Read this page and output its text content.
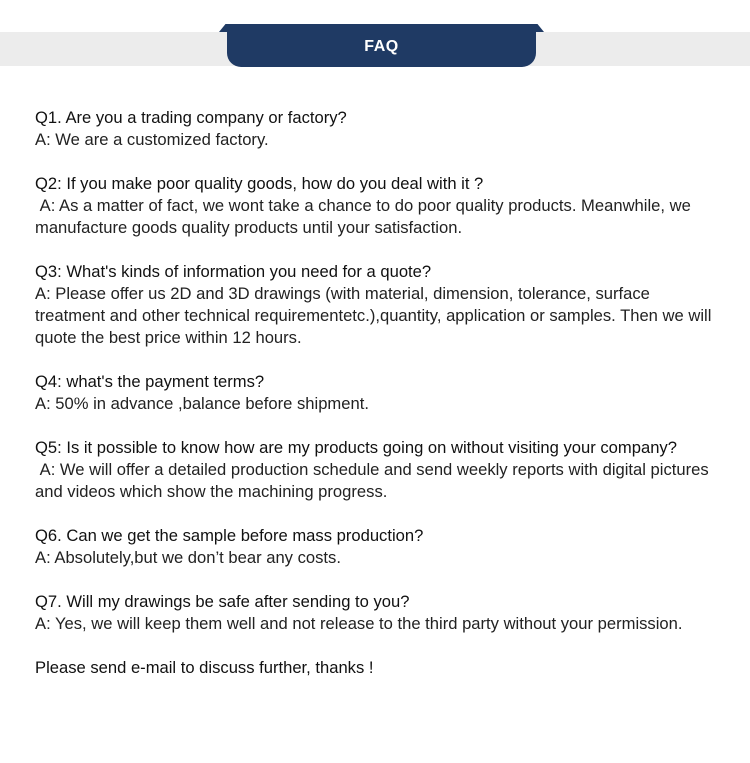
FAQ
Q1. Are you a trading company or factory?
A: We are a customized factory.
Q2: If you make poor quality goods, how do you deal with it ?
A: As a matter of fact, we wont take a chance to do poor quality products. Meanwhile, we manufacture goods quality products until your satisfaction.
Q3: What's kinds of information you need for a quote?
A: Please offer us 2D and 3D drawings (with material, dimension, tolerance, surface treatment and other technical requirementetc.),quantity, application or samples. Then we will quote the best price within 12 hours.
Q4: what's the payment terms?
A: 50% in advance ,balance before shipment.
Q5: Is it possible to know how are my products going on without visiting your company?
A: We will offer a detailed production schedule and send weekly reports with digital pictures and videos which show the machining progress.
Q6. Can we get the sample before mass production?
A: Absolutely,but we don’t bear any costs.
Q7. Will my drawings be safe after sending to you?
A: Yes, we will keep them well and not release to the third party without your permission.
Please send e-mail to discuss further, thanks !
